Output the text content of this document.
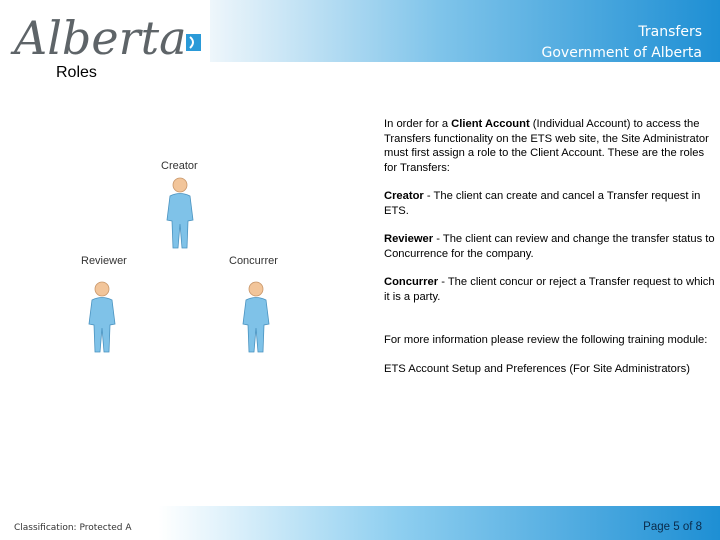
Alberta	Transfers
Government of Alberta
Roles
Creator
Reviewer	Concurrer

In order for a Client Account (Individual Account) to access the Transfers functionality on the ETS web site, the Site Administrator must first assign a role to the Client Account. These are the roles for Transfers:

Creator - The client can create and cancel a Transfer request in ETS.

Reviewer - The client can review and change the transfer status to Concurrence for the company.

Concurrer - The client concur or reject a Transfer request to which it is a party.

For more information please review the following training module:

ETS Account Setup and Preferences (For Site Administrators)

Classification: Protected A	Page 5 of 8
